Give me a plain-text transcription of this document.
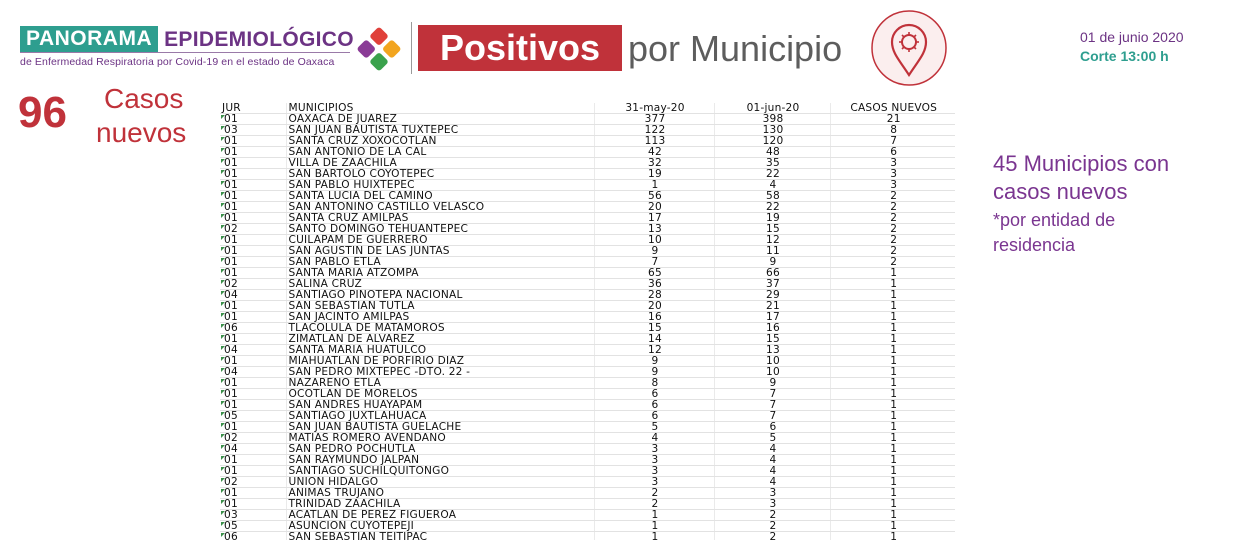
PANORAMA EPIDEMIOLÓGICO
de Enfermedad Respiratoria por Covid-19 en el estado de Oaxaca	Positivos por Municipio	01 de junio 2020
Corte 13:00 h
96 Casos
nuevos
45 Municipios con
casos nuevos
*por entidad de
residencia
JUR	MUNICIPIOS	31-may-20	01-jun-20	CASOS NUEVOS

01	OAXACA DE JUAREZ	377	398	21

03	SAN JUAN BAUTISTA TUXTEPEC	122	130	8

01	SANTA CRUZ XOXOCOTLAN	113	120	7

01	SAN ANTONIO DE LA CAL	42	48	6

01	VILLA DE ZAACHILA	32	35	3

01	SAN BARTOLO COYOTEPEC	19	22	3

01	SAN PABLO HUIXTEPEC	1	4	3

01	SANTA LUCIA DEL CAMINO	56	58	2

01	SAN ANTONINO CASTILLO VELASCO	20	22	2

01	SANTA CRUZ AMILPAS	17	19	2

02	SANTO DOMINGO TEHUANTEPEC	13	15	2

01	CUILAPAM DE GUERRERO	10	12	2

01	SAN AGUSTIN DE LAS JUNTAS	9	11	2

01	SAN PABLO ETLA	7	9	2

01	SANTA MARIA ATZOMPA	65	66	1

02	SALINA CRUZ	36	37	1

04	SANTIAGO PINOTEPA NACIONAL	28	29	1

01	SAN SEBASTIAN TUTLA	20	21	1

01	SAN JACINTO AMILPAS	16	17	1

06	TLACOLULA DE MATAMOROS	15	16	1

01	ZIMATLAN DE ALVAREZ	14	15	1

04	SANTA MARIA HUATULCO	12	13	1

01	MIAHUATLAN DE PORFIRIO DIAZ	9	10	1

04	SAN PEDRO MIXTEPEC -DTO. 22 -	9	10	1

01	NAZARENO ETLA	8	9	1

01	OCOTLAN DE MORELOS	6	7	1

01	SAN ANDRES HUAYAPAM	6	7	1

05	SANTIAGO JUXTLAHUACA	6	7	1

01	SAN JUAN BAUTISTA GUELACHE	5	6	1

02	MATIAS ROMERO AVENDAÑO	4	5	1

04	SAN PEDRO POCHUTLA	3	4	1

01	SAN RAYMUNDO JALPAN	3	4	1

01	SANTIAGO SUCHILQUITONGO	3	4	1

02	UNION HIDALGO	3	4	1

01	ANIMAS TRUJANO	2	3	1

01	TRINIDAD ZAACHILA	2	3	1

03	ACATLAN DE PEREZ FIGUEROA	1	2	1

05	ASUNCION CUYOTEPEJI	1	2	1

06	SAN SEBASTIAN TEITIPAC	1	2	1
